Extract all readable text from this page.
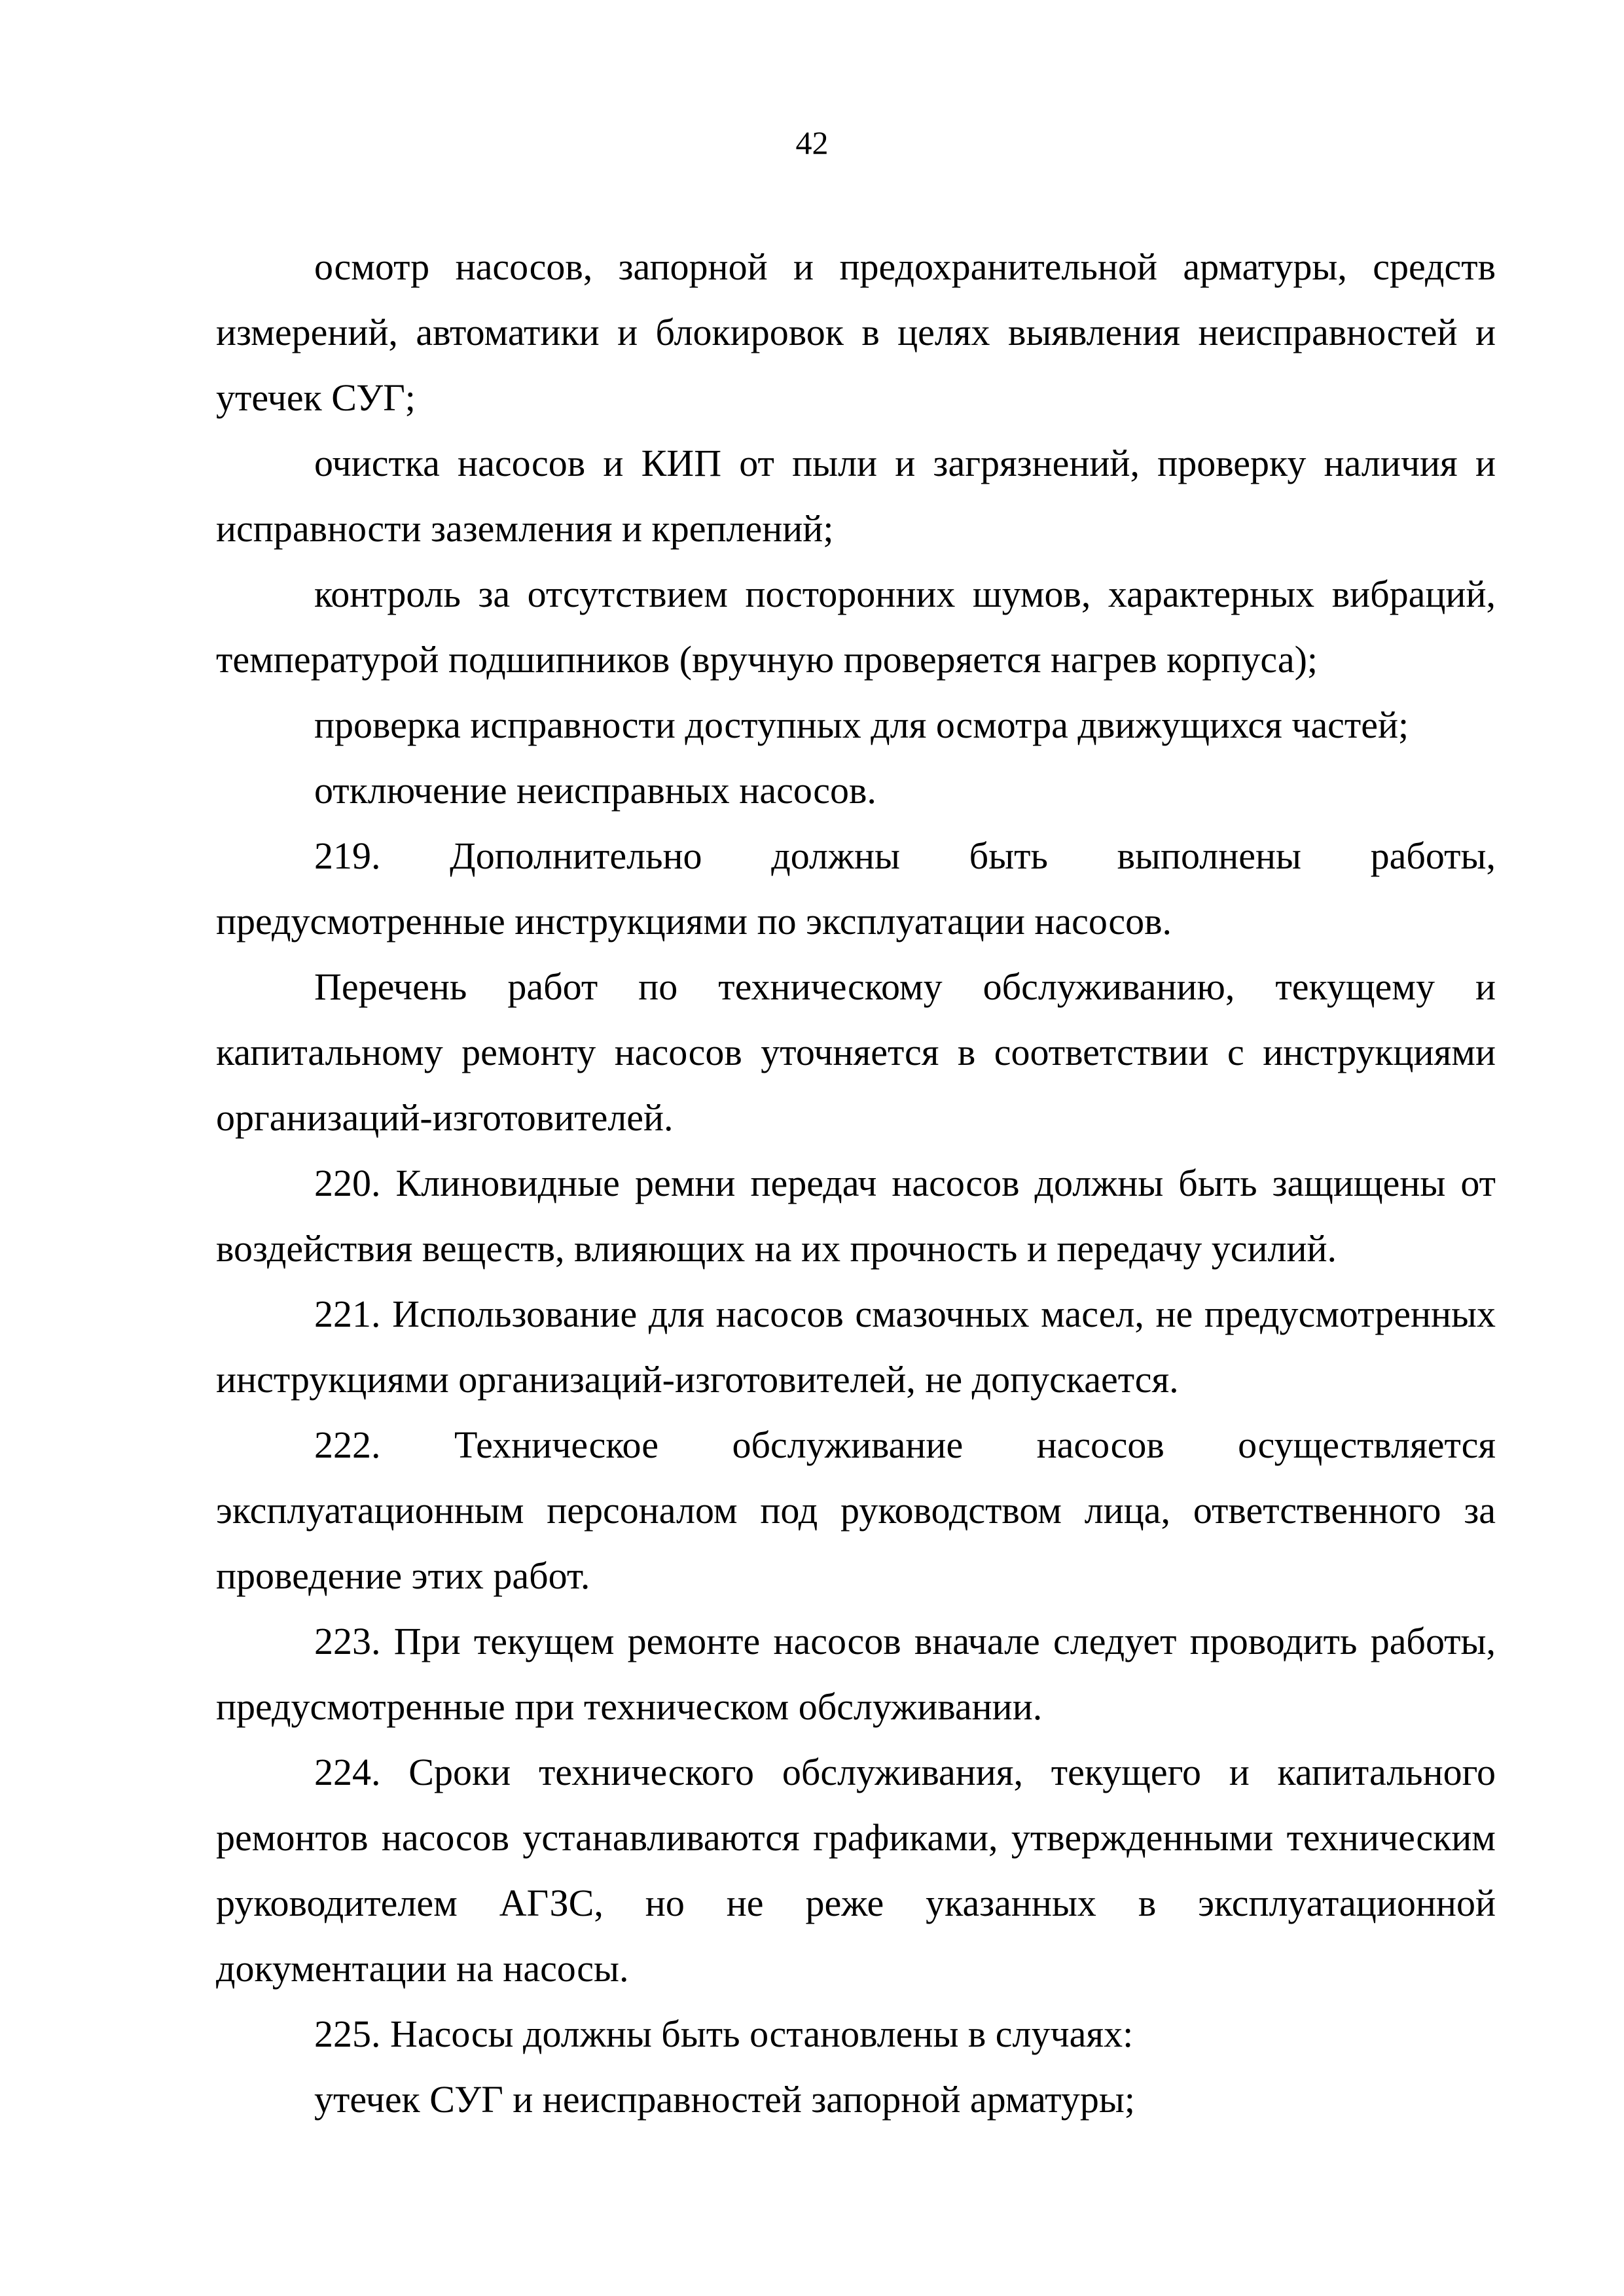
42

осмотр насосов, запорной и предохранительной арматуры, средств измерений, автоматики и блокировок в целях выявления неисправностей и утечек СУГ;

очистка насосов и КИП от пыли и загрязнений, проверку наличия и исправности заземления и креплений;

контроль за отсутствием посторонних шумов, характерных вибраций, температурой подшипников (вручную проверяется нагрев корпуса);

проверка исправности доступных для осмотра движущихся частей;

отключение неисправных насосов.

219. Дополнительно должны быть выполнены работы, предусмотренные инструкциями по эксплуатации насосов.

Перечень работ по техническому обслуживанию, текущему и капитальному ремонту насосов уточняется в соответствии с инструкциями организаций-изготовителей.

220. Клиновидные ремни передач насосов должны быть защищены от воздействия веществ, влияющих на их прочность и передачу усилий.

221. Использование для насосов смазочных масел, не предусмотренных инструкциями организаций-изготовителей, не допускается.

222. Техническое обслуживание насосов осуществляется эксплуатационным персоналом под руководством лица, ответственного за проведение этих работ.

223. При текущем ремонте насосов вначале следует проводить работы, предусмотренные при техническом обслуживании.

224. Сроки технического обслуживания, текущего и капитального ремонтов насосов устанавливаются графиками, утвержденными техническим руководителем АГЗС, но не реже указанных в эксплуатационной документации на насосы.

225. Насосы должны быть остановлены в случаях:

утечек СУГ и неисправностей запорной арматуры;
